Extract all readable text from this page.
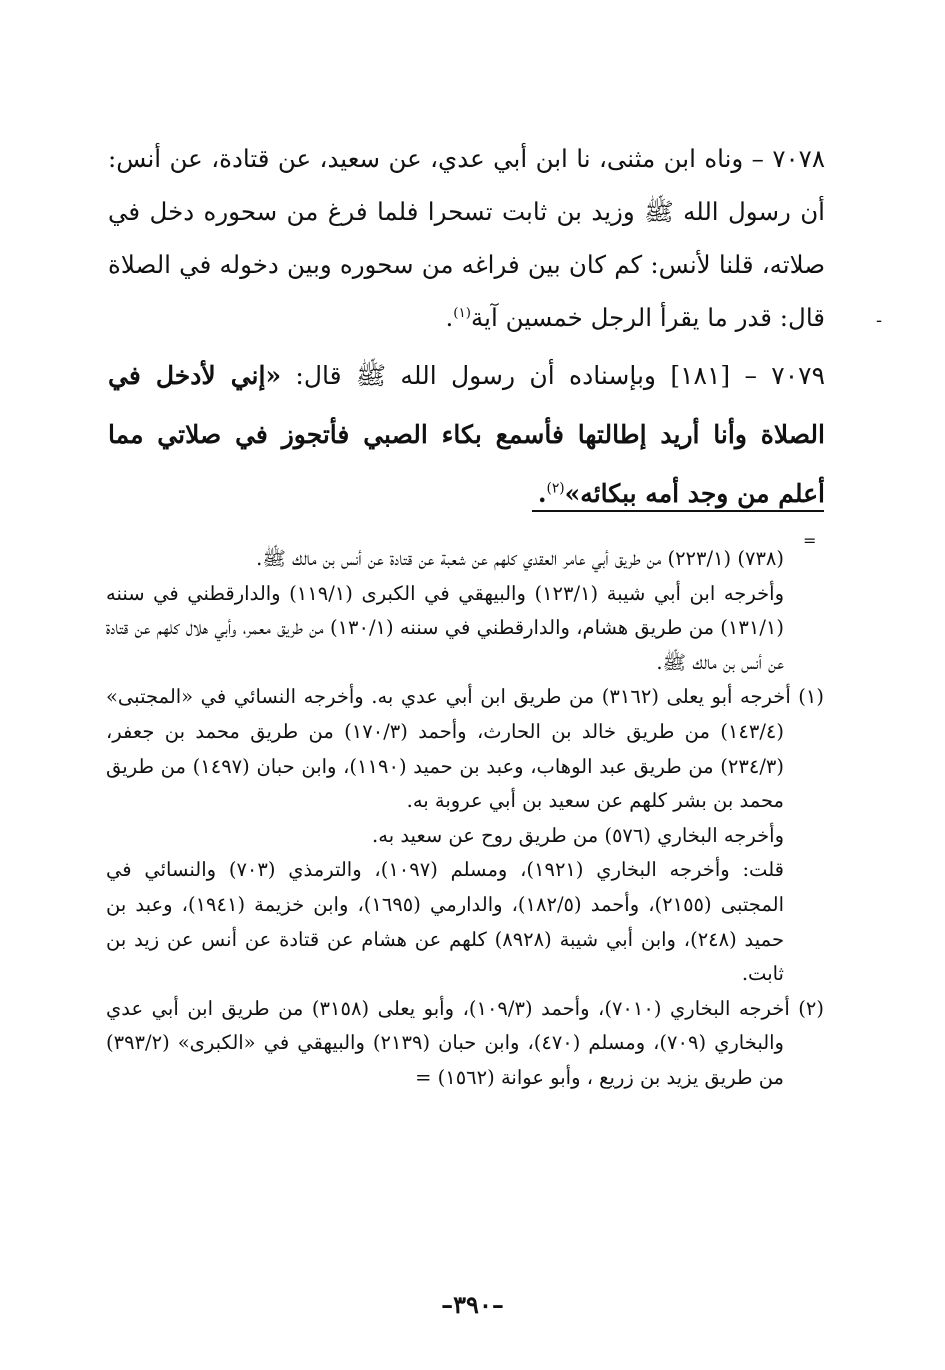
-

٧٠٧٨ – وناه ابن مثنى، نا ابن أبي عدي، عن سعيد، عن قتادة، عن أنس: أن رسول الله ﷺ وزيد بن ثابت تسحرا فلما فرغ من سحوره دخل في صلاته، قلنا لأنس: كم كان بين فراغه من سحوره وبين دخوله في الصلاة قال: قدر ما يقرأ الرجل خمسين آية$^{(١)}$.

٧٠٧٩ – [١٨١] وبإسناده أن رسول الله ﷺ قال: «إني لأدخل في الصلاة وأنا أريد إطالتها فأسمع بكاء الصبي فأتجوز في صلاتي مما أعلم من وجد أمه ببكائه»$^{(٢)}$.

=

(٧٣٨) (٢٢٣/١) من طريق أبي عامر العقدي كلهم عن شعبة عن قتادة عن أنس بن مالك ﷺ.

وأخرجه ابن أبي شيبة (١٢٣/١) والبيهقي في الكبرى (١١٩/١) والدارقطني في سننه (١٣١/١) من طريق هشام، والدارقطني في سننه (١٣٠/١) من طريق معمر، وأبي هلال كلهم عن قتادة عن أنس بن مالك ﷺ.

(١) أخرجه أبو يعلى (٣١٦٢) من طريق ابن أبي عدي به. وأخرجه النسائي في «المجتبى» (١٤٣/٤) من طريق خالد بن الحارث، وأحمد (١٧٠/٣) من طريق محمد بن جعفر، (٢٣٤/٣) من طريق عبد الوهاب، وعبد بن حميد (١١٩٠)، وابن حبان (١٤٩٧) من طريق محمد بن بشر كلهم عن سعيد بن أبي عروبة به.

وأخرجه البخاري (٥٧٦) من طريق روح عن سعيد به.

قلت: وأخرجه البخاري (١٩٢١)، ومسلم (١٠٩٧)، والترمذي (٧٠٣) والنسائي في المجتبى (٢١٥٥)، وأحمد (١٨٢/٥)، والدارمي (١٦٩٥)، وابن خزيمة (١٩٤١)، وعبد بن حميد (٢٤٨)، وابن أبي شيبة (٨٩٢٨) كلهم عن هشام عن قتادة عن أنس عن زيد بن ثابت.

(٢) أخرجه البخاري (٧٠١٠)، وأحمد (١٠٩/٣)، وأبو يعلى (٣١٥٨) من طريق ابن أبي عدي والبخاري (٧٠٩)، ومسلم (٤٧٠)، وابن حبان (٢١٣٩) والبيهقي في «الكبرى» (٣٩٣/٢) من طريق يزيد بن زريع ، وأبو عوانة (١٥٦٢) =

–٣٩٠–
